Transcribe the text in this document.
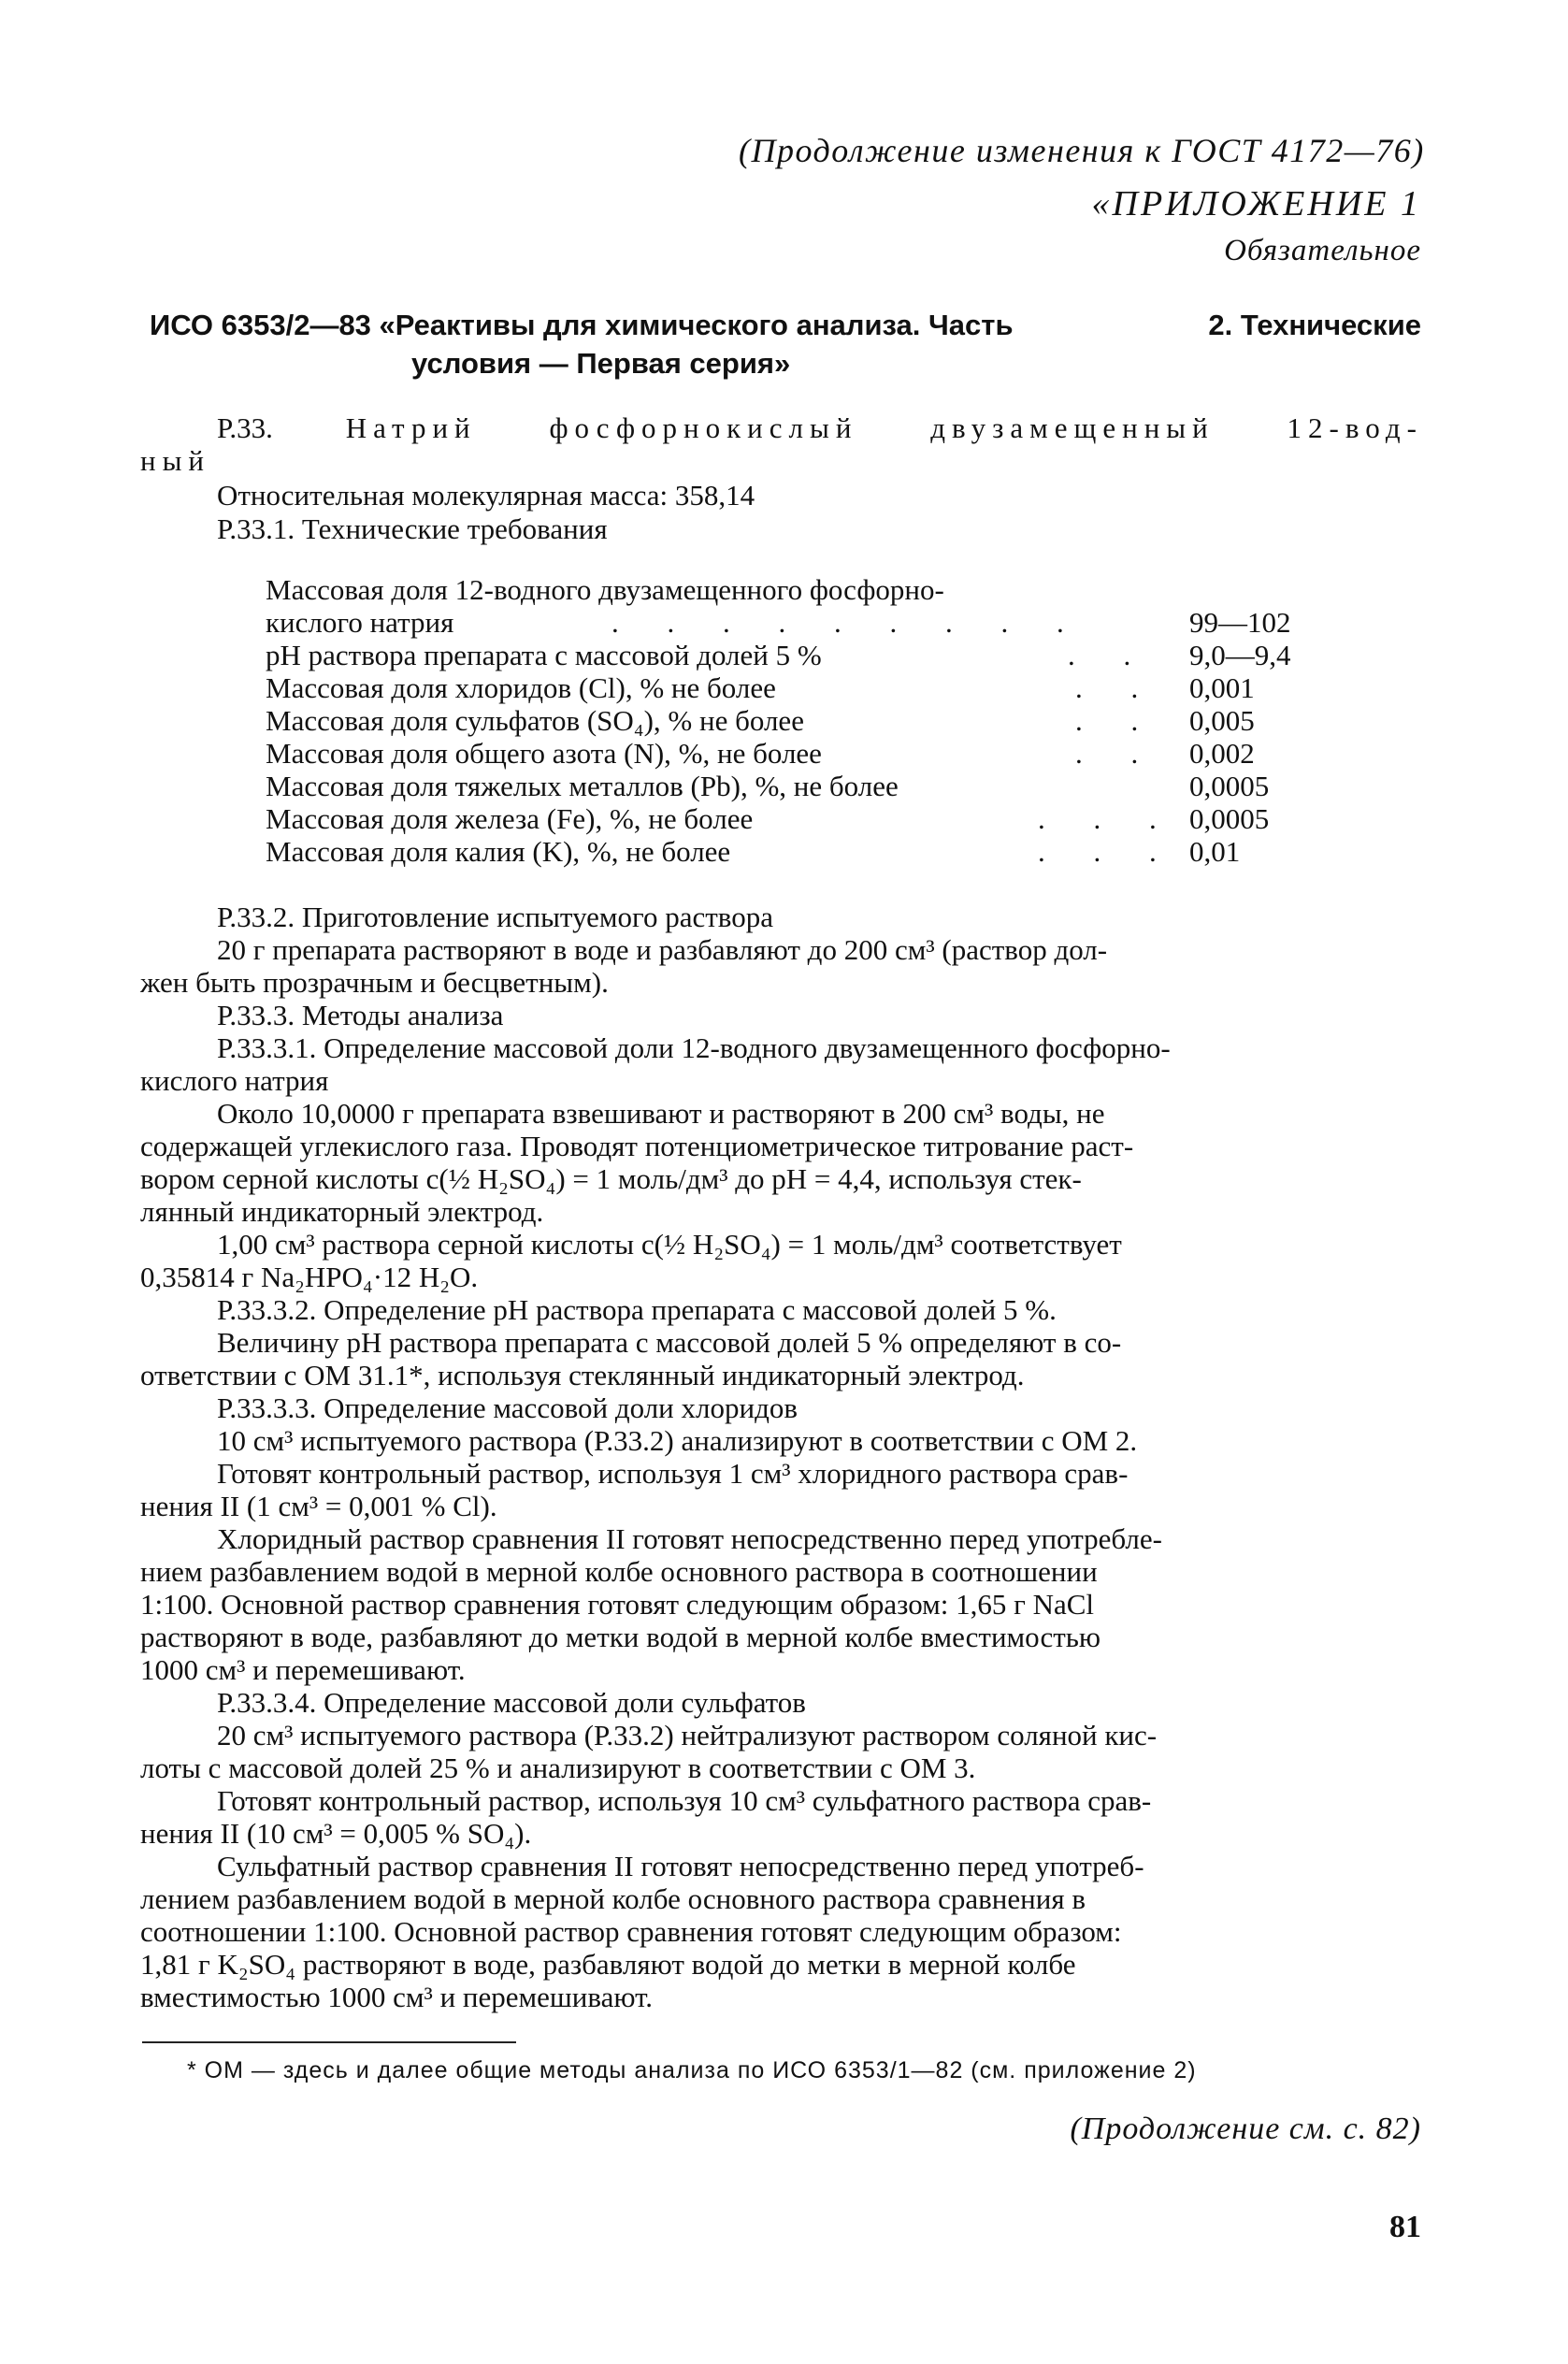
(Продолжение изменения к ГОСТ 4172—76)
«ПРИЛОЖЕНИЕ 1
Обязательное
ИСО 6353/2—83 «Реактивы для химического анализа. Часть	2. Технические
условия — Первая серия»
Р.33.	Натрий	фосфорнокислый	двузамещенный	12-вод-
ный
Относительная молекулярная масса: 358,14
Р.33.1. Технические требования
Массовая доля 12-водного двузамещенного фосфорно-
кислого натрия	. . . . . . . . .	99—102
рН раствора препарата с массовой долей 5 %	. . 9,0—9,4
Массовая доля хлоридов (Cl), % не более	. . 0,001
Массовая доля сульфатов (SO₄), % не более	. . 0,005
Массовая доля общего азота (N), %, не более	. . 0,002
Массовая доля тяжелых металлов (Pb), %, не более	0,0005
Массовая доля железа (Fe), %, не более	. . . 0,0005
Массовая доля калия (K), %, не более	. . . 0,01
Р.33.2. Приготовление испытуемого раствора
20 г препарата растворяют в воде и разбавляют до 200 см³ (раствор дол-
жен быть прозрачным и бесцветным).
Р.33.3. Методы анализа
Р.33.3.1. Определение массовой доли 12-водного двузамещенного фосфорно-
кислого натрия
Около 10,0000 г препарата взвешивают и растворяют в 200 см³ воды, не
содержащей углекислого газа. Проводят потенциометрическое титрование раст-
вором серной кислоты c(½ H₂SO₄) = 1 моль/дм³ до pH = 4,4, используя стек-
лянный индикаторный электрод.
1,00 см³ раствора серной кислоты c(½ H₂SO₄) = 1 моль/дм³ соответствует
0,35814 г Na₂HPO₄·12 H₂O.
Р.33.3.2. Определение pH раствора препарата с массовой долей 5 %.
Величину pH раствора препарата с массовой долей 5 % определяют в со-
ответствии с ОМ 31.1*, используя стеклянный индикаторный электрод.
Р.33.3.3. Определение массовой доли хлоридов
10 см³ испытуемого раствора (Р.33.2) анализируют в соответствии с ОМ 2.
Готовят контрольный раствор, используя 1 см³ хлоридного раствора срав-
нения II (1 см³ = 0,001 % Cl).
Хлоридный раствор сравнения II готовят непосредственно перед употребле-
нием разбавлением водой в мерной колбе основного раствора в соотношении
1:100. Основной раствор сравнения готовят следующим образом: 1,65 г NaCl
растворяют в воде, разбавляют до метки водой в мерной колбе вместимостью
1000 см³ и перемешивают.
Р.33.3.4. Определение массовой доли сульфатов
20 см³ испытуемого раствора (Р.33.2) нейтрализуют раствором соляной кис-
лоты с массовой долей 25 % и анализируют в соответствии с ОМ 3.
Готовят контрольный раствор, используя 10 см³ сульфатного раствора срав-
нения II (10 см³ = 0,005 % SO₄).
Сульфатный раствор сравнения II готовят непосредственно перед употреб-
лением разбавлением водой в мерной колбе основного раствора сравнения в
соотношении 1:100. Основной раствор сравнения готовят следующим образом:
1,81 г K₂SO₄ растворяют в воде, разбавляют водой до метки в мерной колбе
вместимостью 1000 см³ и перемешивают.
* ОМ — здесь и далее общие методы анализа по ИСО 6353/1—82 (см. приложение 2)
(Продолжение см. с. 82)
81
